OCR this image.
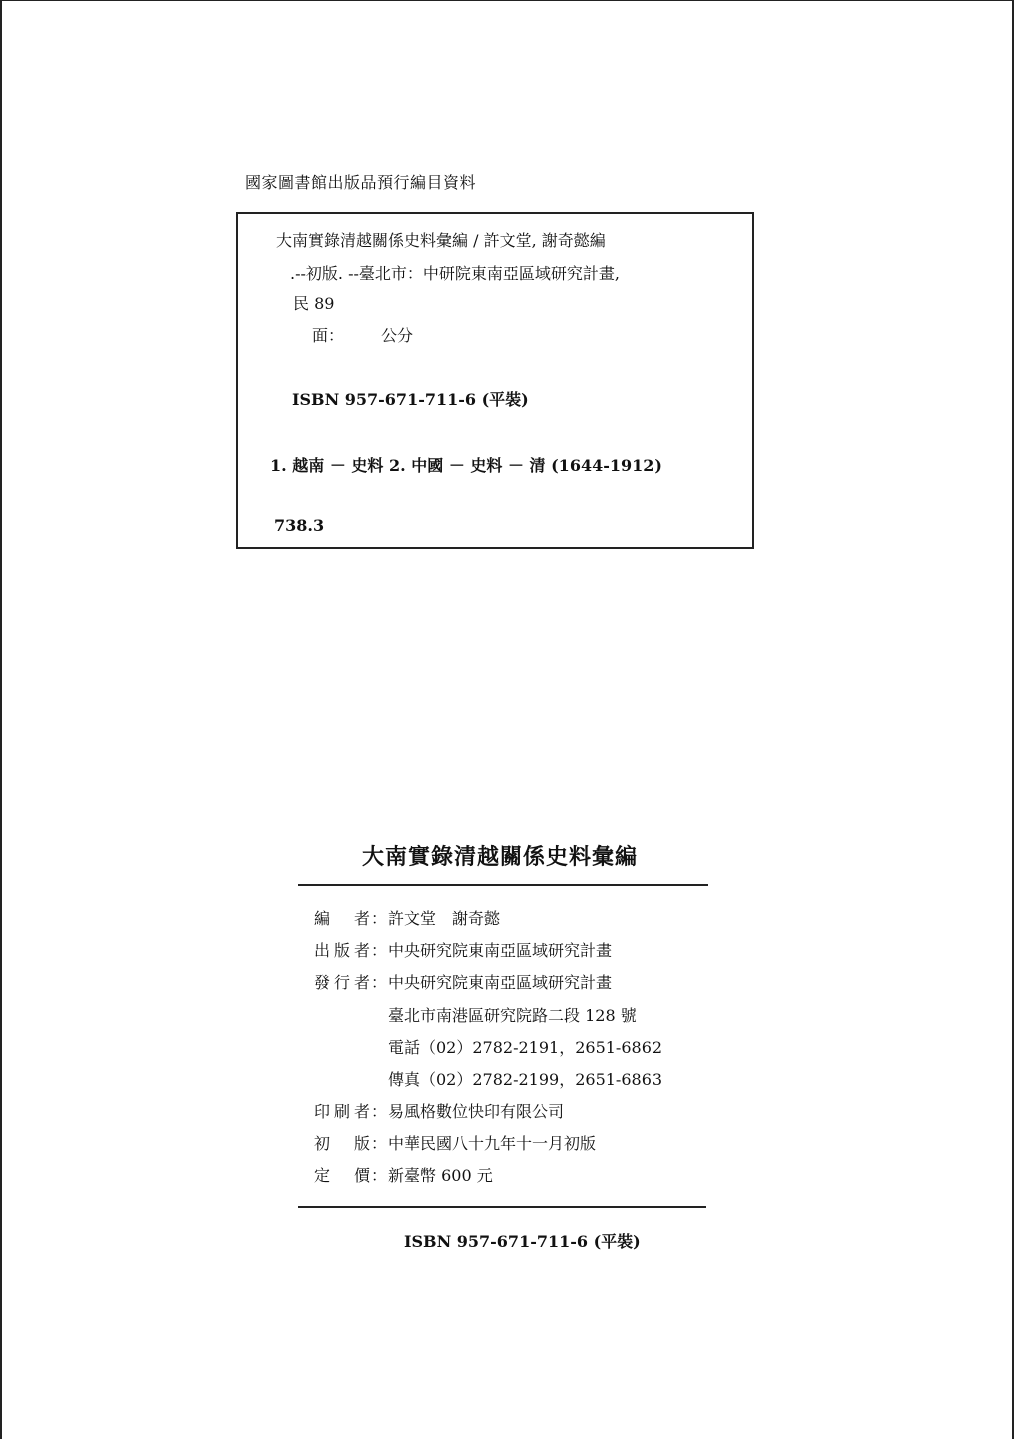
國家圖書館出版品預行編目資料
大南實錄清越關係史料彙編 / 許文堂, 謝奇懿編
.--初版. --臺北市：中研院東南亞區域研究計畫,
民 89
面： 公分
ISBN 957-671-711-6 (平裝)
1. 越南 － 史料 2. 中國 － 史料 － 清 (1644-1912)
738.3
大南實錄清越關係史料彙編
編者：許文堂　謝奇懿
出版者：中央研究院東南亞區域研究計畫
發行者：中央研究院東南亞區域研究計畫
臺北市南港區研究院路二段 128 號
電話（02）2782-2191，2651-6862
傳真（02）2782-2199，2651-6863
印刷者：易風格數位快印有限公司
初版：中華民國八十九年十一月初版
定價：新臺幣 600 元
ISBN 957-671-711-6 (平裝)
